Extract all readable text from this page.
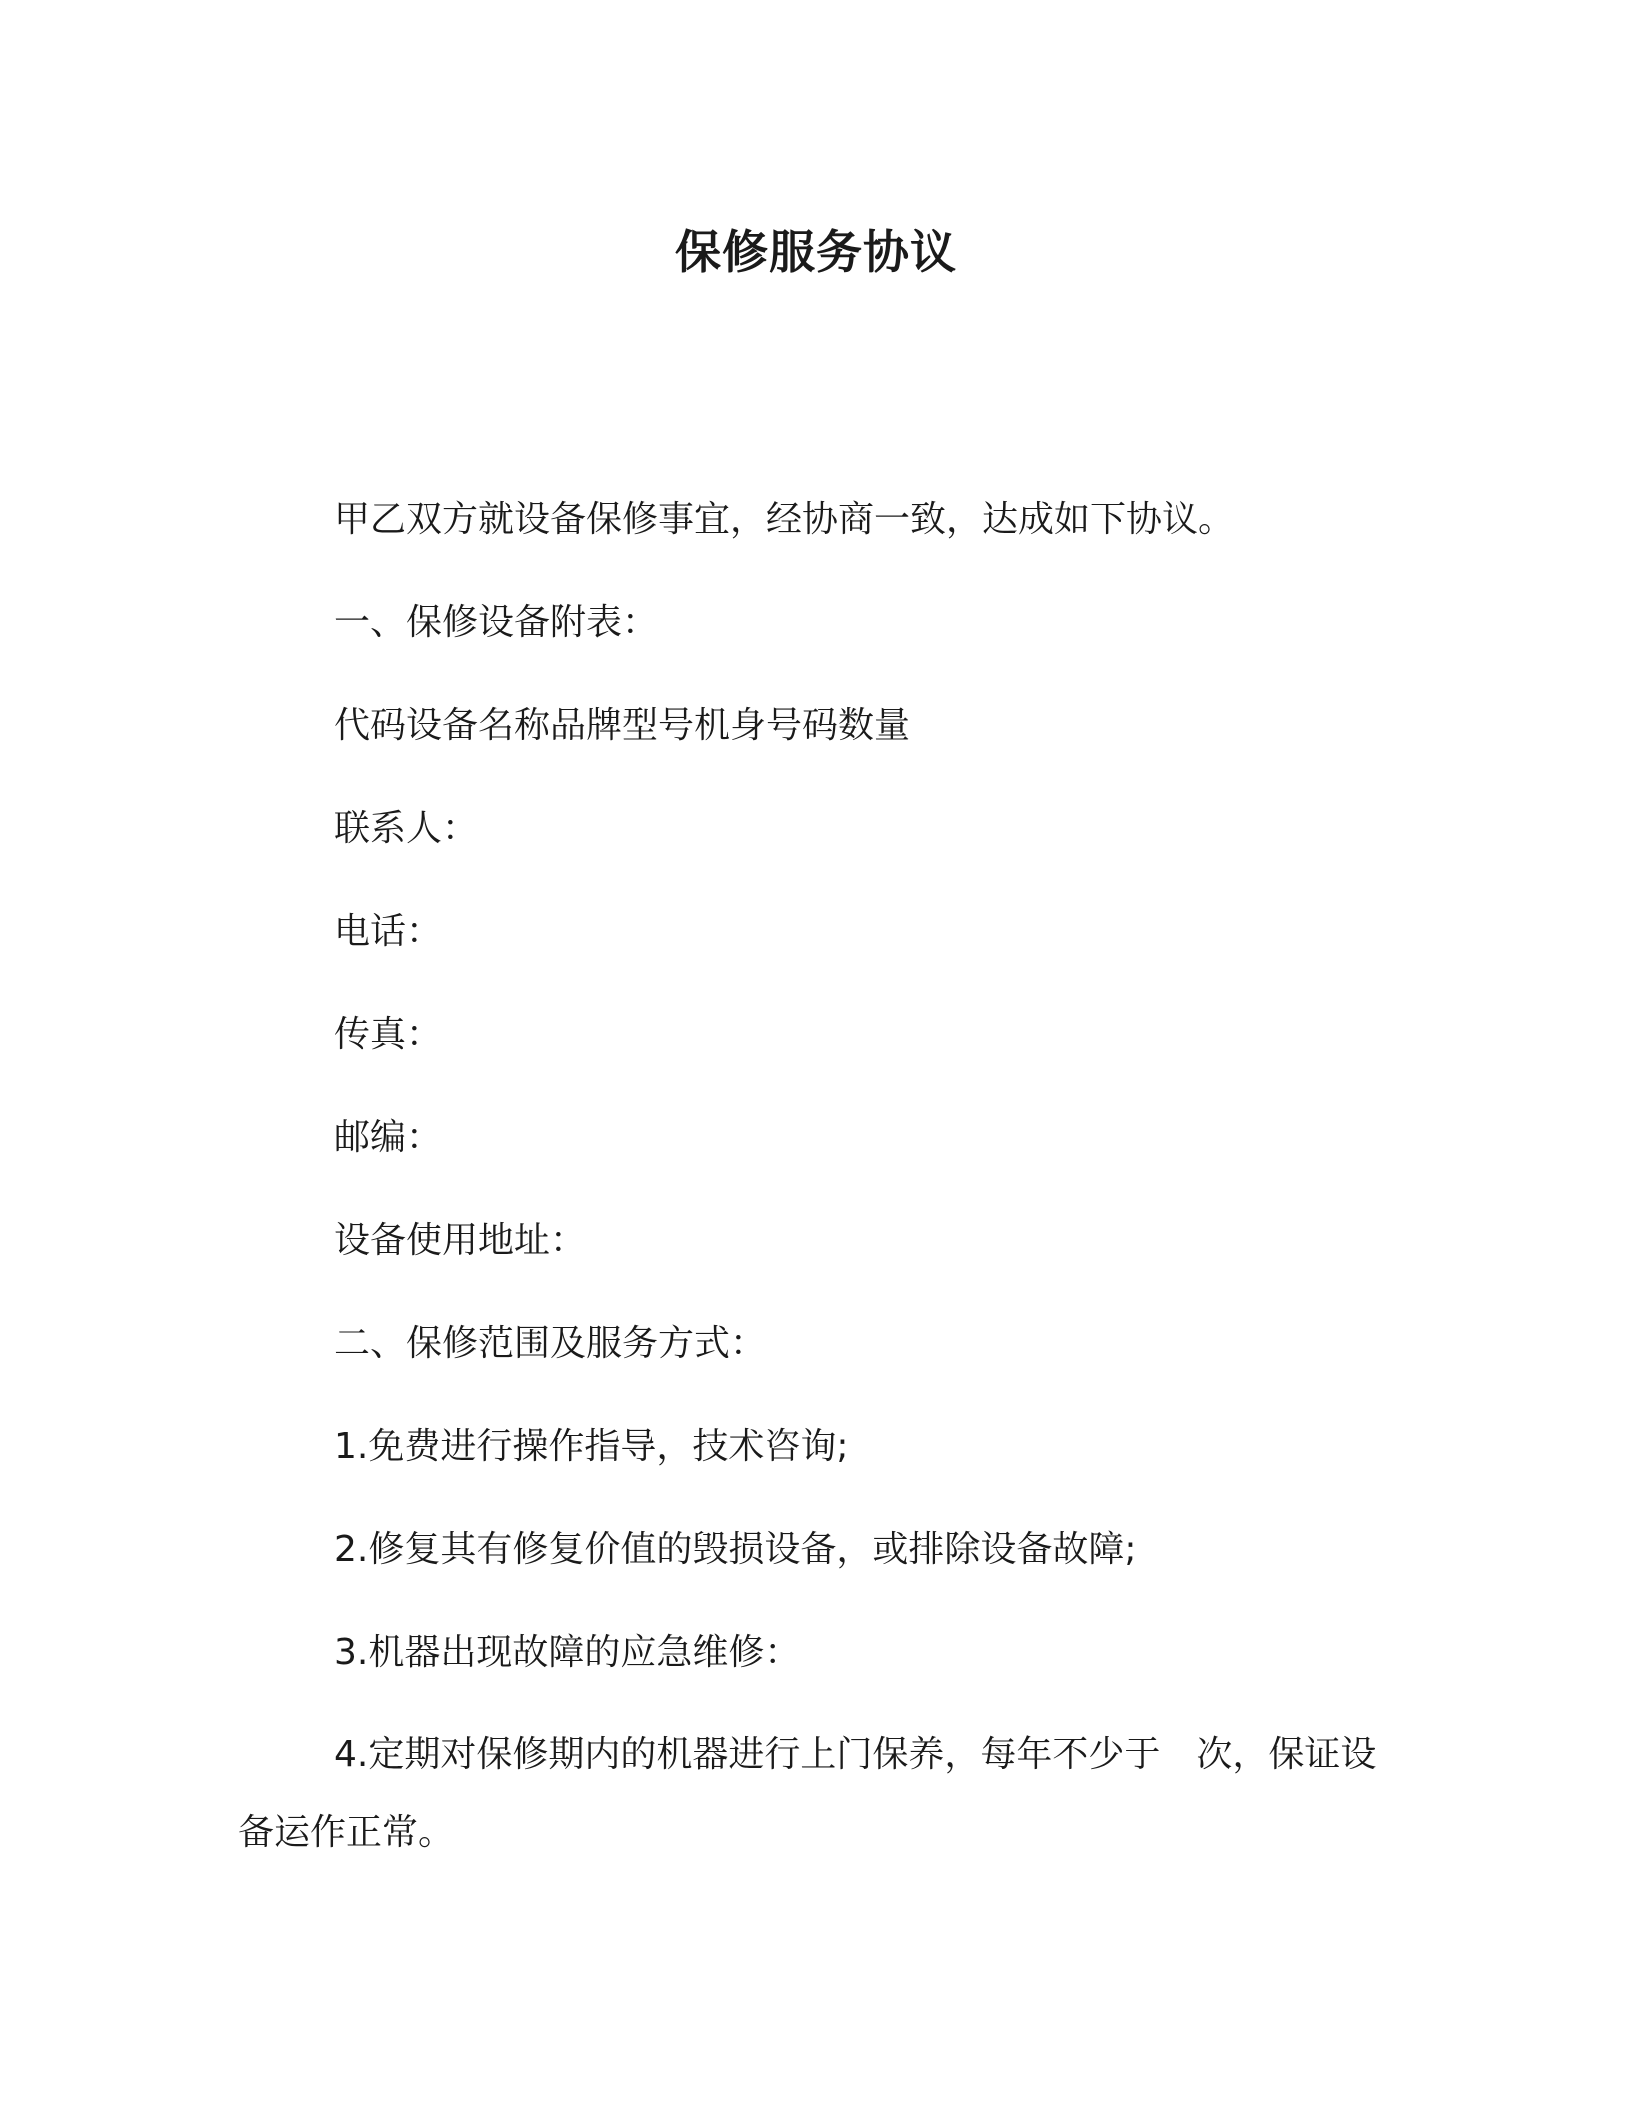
保修服务协议
甲乙双方就设备保修事宜，经协商一致，达成如下协议。
一、保修设备附表：
代码设备名称品牌型号机身号码数量
联系人：
电话：
传真：
邮编：
设备使用地址：
二、保修范围及服务方式：
1.免费进行操作指导，技术咨询;
2.修复其有修复价值的毁损设备，或排除设备故障;
3.机器出现故障的应急维修：
4.定期对保修期内的机器进行上门保养，每年不少于　次，保证设备运作正常。
